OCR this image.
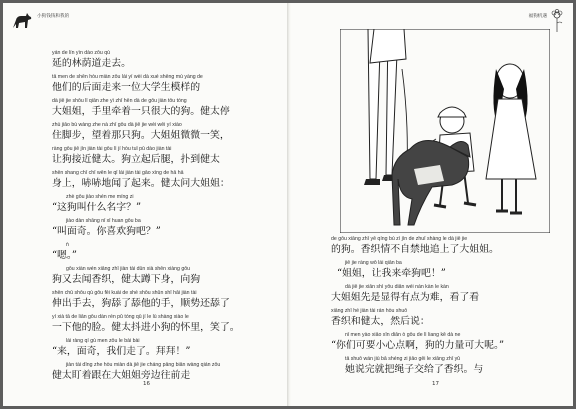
小狗钱钱和我的
yán de lín yìn dào zǒu qù
延的林荫道走去。
tā men de shēn hòu miàn zǒu lái yí wèi dà xué shēng mú yàng de
他们的后面走来一位大学生模样的
dà jiě jie shǒu lǐ qiān zhe yì zhī hěn dà de gǒu jiàn tōu tóng
大姐姐，手里牵着一只很大的狗。健太停
zhù jiǎo bù wàng zhe nà zhī gǒu dà jiě jie wèi wēi yí xiào
住脚步，望着那只狗。大姐姐微微一笑，
ràng gǒu jiē jìn jiàn tài gǒu lì jí hòu tuǐ pū dào jiàn tài
让狗接近健太。狗立起后腿，扑到健太
shēn shang chī chī wěn le qǐ lái jiàn tài gāo xìng de hā hā
身上，哧哧地闻了起来。健太问大姐姐：
zhè gǒu jiào shén me míng zi
“这狗叫什么名字？”
jiào dàn shāng nǐ xǐ huan gǒu ba
“叫面奇。你喜欢狗吧？”
ǹ
“嗯。”
gǒu xiàn wén xiǎng zhī jiàn tài dūn xià shēn xiàng gǒu
狗又去闻香织，健太蹲下身，向狗
shēn chū shǒu qù gǒu fēi kuài de shé shǒu shǔn shī hǎi jiàn tài
伸出手去，狗舔了舔他的手，顺势还舔了
yí xià tā de liǎn gǒu dàn rén pǔ tóng qū jí le lù shàng xiào le
一下他的脸。健太抖进小狗的怀里，笑了。
lái ràng qí gù men zǒu le bài bài
“来，面奇，我们走了。拜拜！”
jiàn tài dīng zhe hòu miàn dà jiě jie cháng pāng biān wàng qián zǒu
健太盯着跟在大姐姐旁边往前走
16
福狗机遇
de gǒu xiāng zhī yě qíng bú zì jìn de zhuī shàng le dà jiě jie
的狗。香织情不自禁地追上了大姐姐。
jiě jie ràng wǒ lái qiān ba
“姐姐，让我来牵狗吧！”
dà jiě jie xiān shì yǒu diǎn wéi nán kàn le kàn
大姐姐先是显得有点为难，看了看
xiāng zhī hé jiàn tài rán hòu shuō
香织和健太，然后说：
nǐ men yào xiǎo xīn diǎn ò gǒu de lì liang kě dà ne
“你们可要小心点啊，狗的力量可大呢。”
tā shuō wán jiù bǎ shéng zi jiāo gěi le xiāng zhī yǔ
她说完就把绳子交给了香织。与
17
